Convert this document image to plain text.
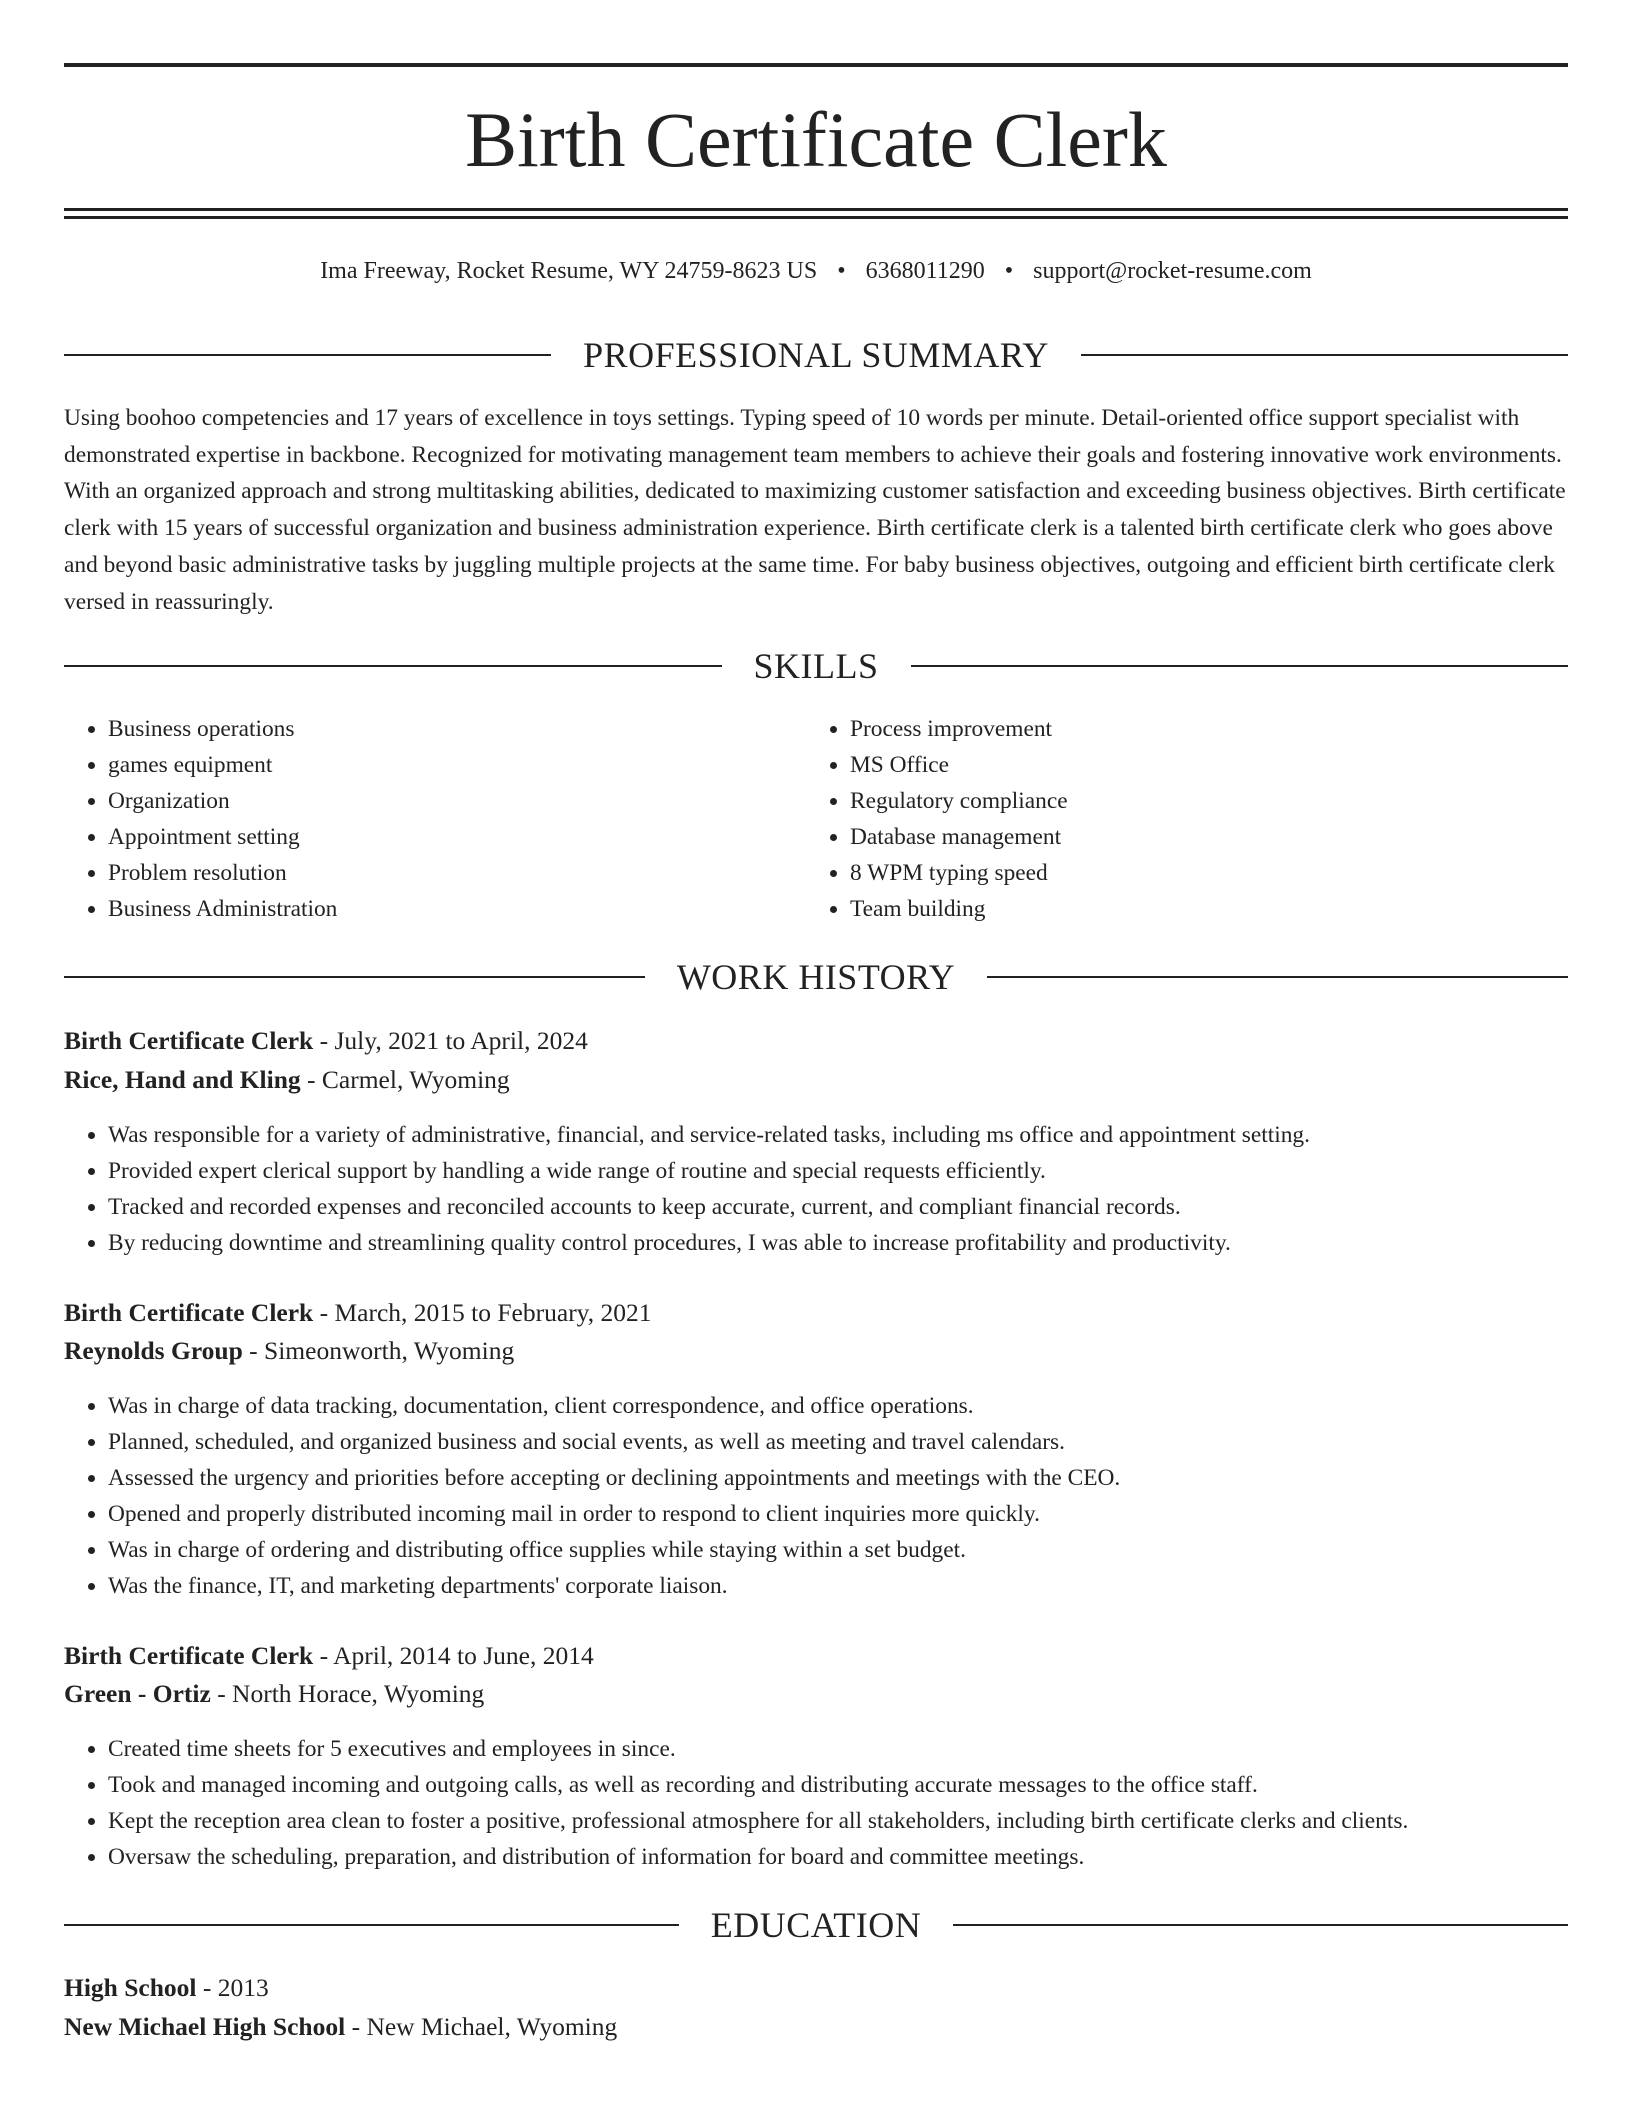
Birth Certificate Clerk
Ima Freeway, Rocket Resume, WY 24759-8623 US • 6368011290 • support@rocket-resume.com
PROFESSIONAL SUMMARY

Using boohoo competencies and 17 years of excellence in toys settings. Typing speed of 10 words per minute. Detail-oriented office support specialist with demonstrated expertise in backbone. Recognized for motivating management team members to achieve their goals and fostering innovative work environments. With an organized approach and strong multitasking abilities, dedicated to maximizing customer satisfaction and exceeding business objectives. Birth certificate clerk with 15 years of successful organization and business administration experience. Birth certificate clerk is a talented birth certificate clerk who goes above and beyond basic administrative tasks by juggling multiple projects at the same time. For baby business objectives, outgoing and efficient birth certificate clerk versed in reassuringly.

SKILLS
• Business operations
• games equipment
• Organization
• Appointment setting
• Problem resolution
• Business Administration
• Process improvement
• MS Office
• Regulatory compliance
• Database management
• 8 WPM typing speed
• Team building
WORK HISTORY

Birth Certificate Clerk - July, 2021 to April, 2024

Rice, Hand and Kling - Carmel, Wyoming

• Was responsible for a variety of administrative, financial, and service-related tasks, including ms office and appointment setting.
• Provided expert clerical support by handling a wide range of routine and special requests efficiently.
• Tracked and recorded expenses and reconciled accounts to keep accurate, current, and compliant financial records.
• By reducing downtime and streamlining quality control procedures, I was able to increase profitability and productivity.

Birth Certificate Clerk - March, 2015 to February, 2021

Reynolds Group - Simeonworth, Wyoming

• Was in charge of data tracking, documentation, client correspondence, and office operations.
• Planned, scheduled, and organized business and social events, as well as meeting and travel calendars.
• Assessed the urgency and priorities before accepting or declining appointments and meetings with the CEO.
• Opened and properly distributed incoming mail in order to respond to client inquiries more quickly.
• Was in charge of ordering and distributing office supplies while staying within a set budget.
• Was the finance, IT, and marketing departments' corporate liaison.

Birth Certificate Clerk - April, 2014 to June, 2014

Green - Ortiz - North Horace, Wyoming

• Created time sheets for 5 executives and employees in since.
• Took and managed incoming and outgoing calls, as well as recording and distributing accurate messages to the office staff.
• Kept the reception area clean to foster a positive, professional atmosphere for all stakeholders, including birth certificate clerks and clients.
• Oversaw the scheduling, preparation, and distribution of information for board and committee meetings.
EDUCATION

High School - 2013

New Michael High School - New Michael, Wyoming
